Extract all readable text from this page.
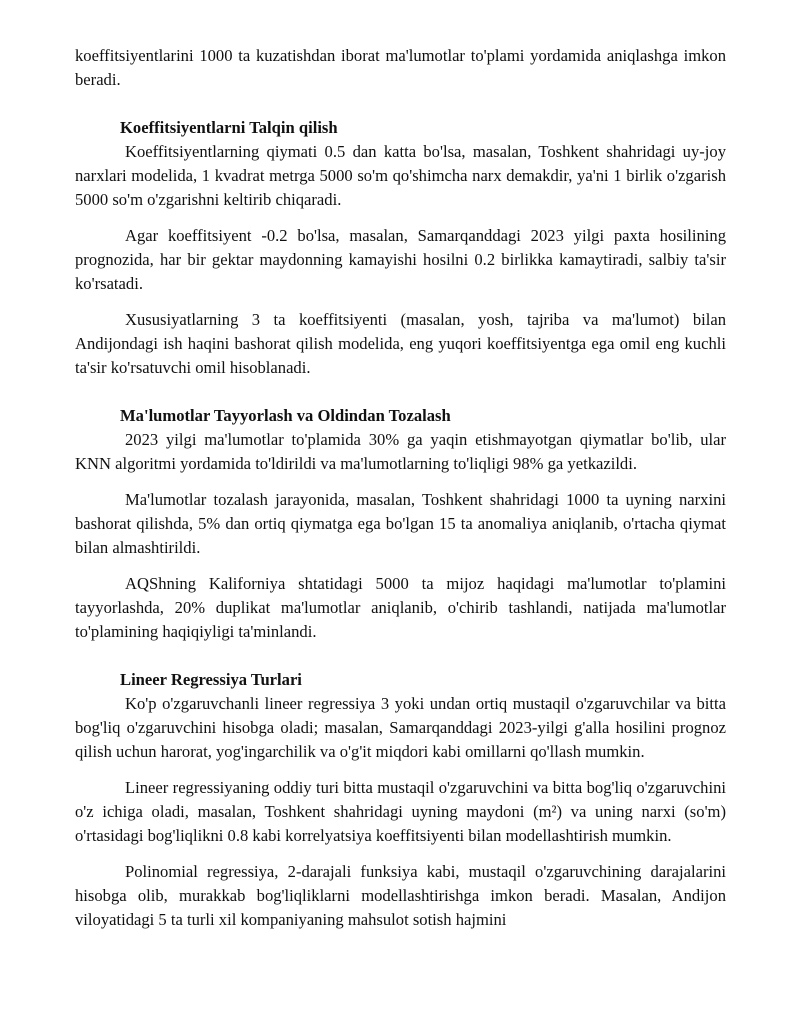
koeffitsiyentlarini 1000 ta kuzatishdan iborat ma'lumotlar to'plami yordamida aniqlashga imkon beradi.

Koeffitsiyentlarni Talqin qilish

Koeffitsiyentlarning qiymati 0.5 dan katta bo'lsa, masalan, Toshkent shahridagi uy-joy narxlari modelida, 1 kvadrat metrga 5000 so'm qo'shimcha narx demakdir, ya'ni 1 birlik o'zgarish 5000 so'm o'zgarishni keltirib chiqaradi.

Agar koeffitsiyent -0.2 bo'lsa, masalan, Samarqanddagi 2023 yilgi paxta hosilining prognozida, har bir gektar maydonning kamayishi hosilni 0.2 birlikka kamaytiradi, salbiy ta'sir ko'rsatadi.

Xususiyatlarning 3 ta koeffitsiyenti (masalan, yosh, tajriba va ma'lumot) bilan Andijondagi ish haqini bashorat qilish modelida, eng yuqori koeffitsiyentga ega omil eng kuchli ta'sir ko'rsatuvchi omil hisoblanadi.

Ma'lumotlar Tayyorlash va Oldindan Tozalash

2023 yilgi ma'lumotlar to'plamida 30% ga yaqin etishmayotgan qiymatlar bo'lib, ular KNN algoritmi yordamida to'ldirildi va ma'lumotlarning to'liqligi 98% ga yetkazildi.

Ma'lumotlar tozalash jarayonida, masalan, Toshkent shahridagi 1000 ta uyning narxini bashorat qilishda, 5% dan ortiq qiymatga ega bo'lgan 15 ta anomaliya aniqlanib, o'rtacha qiymat bilan almashtirildi.

AQShning Kaliforniya shtatidagi 5000 ta mijoz haqidagi ma'lumotlar to'plamini tayyorlashda, 20% duplikat ma'lumotlar aniqlanib, o'chirib tashlandi, natijada ma'lumotlar to'plamining haqiqiyligi ta'minlandi.

Lineer Regressiya Turlari

Ko'p o'zgaruvchanli lineer regressiya 3 yoki undan ortiq mustaqil o'zgaruvchilar va bitta bog'liq o'zgaruvchini hisobga oladi; masalan, Samarqanddagi 2023-yilgi g'alla hosilini prognoz qilish uchun harorat, yog'ingarchilik va o'g'it miqdori kabi omillarni qo'llash mumkin.

Lineer regressiyaning oddiy turi bitta mustaqil o'zgaruvchini va bitta bog'liq o'zgaruvchini o'z ichiga oladi, masalan, Toshkent shahridagi uyning maydoni (m²) va uning narxi (so'm) o'rtasidagi bog'liqlikni 0.8 kabi korrelyatsiya koeffitsiyenti bilan modellashtirish mumkin.

Polinomial regressiya, 2-darajali funksiya kabi, mustaqil o'zgaruvchining darajalarini hisobga olib, murakkab bog'liqliklarni modellashtirishga imkon beradi. Masalan, Andijon viloyatidagi 5 ta turli xil kompaniyaning mahsulot sotish hajmini
